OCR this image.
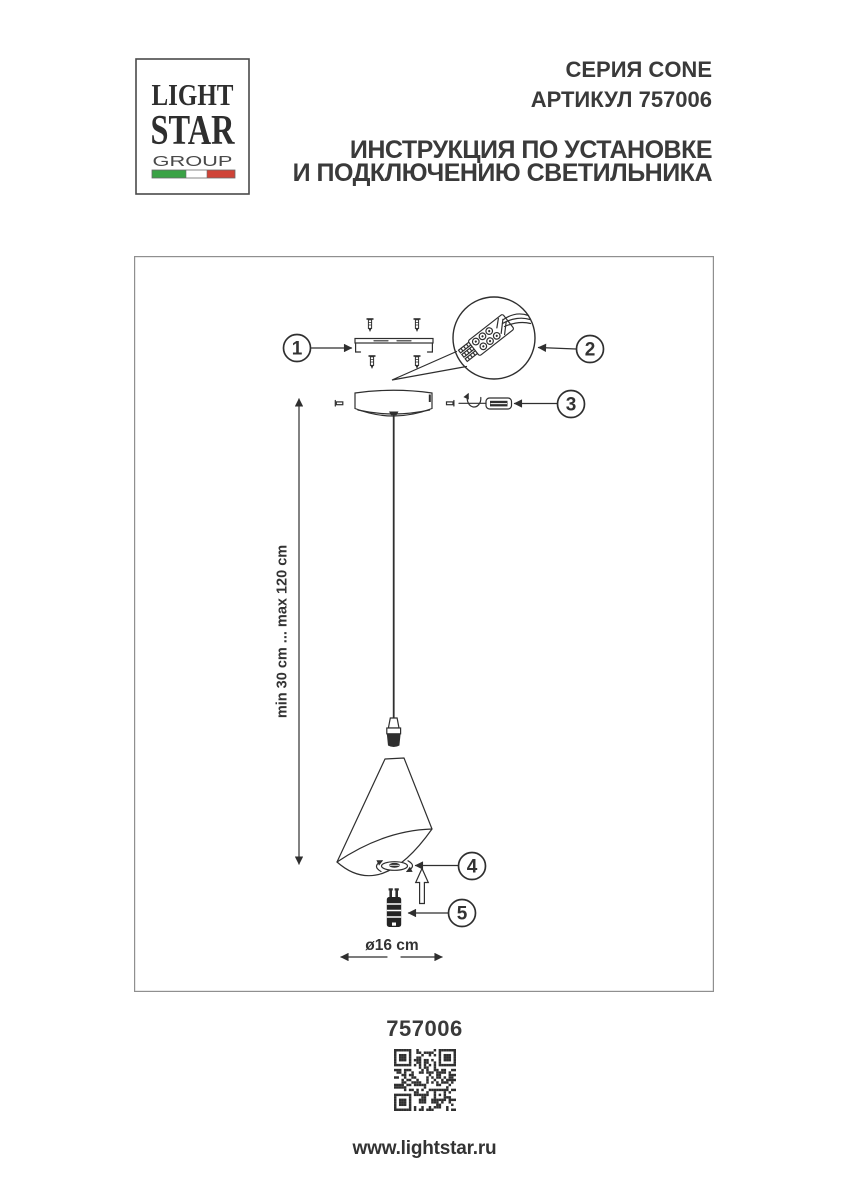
LIGHT
STAR
GROUP
СЕРИЯ CONE
АРТИКУЛ 757006
ИНСТРУКЦИЯ ПО УСТАНОВКЕ
И ПОДКЛЮЧЕНИЮ СВЕТИЛЬНИКА
1	2
3
min 30 cm ... max 120 cm
4
5
ø16 cm
757006
www.lightstar.ru
